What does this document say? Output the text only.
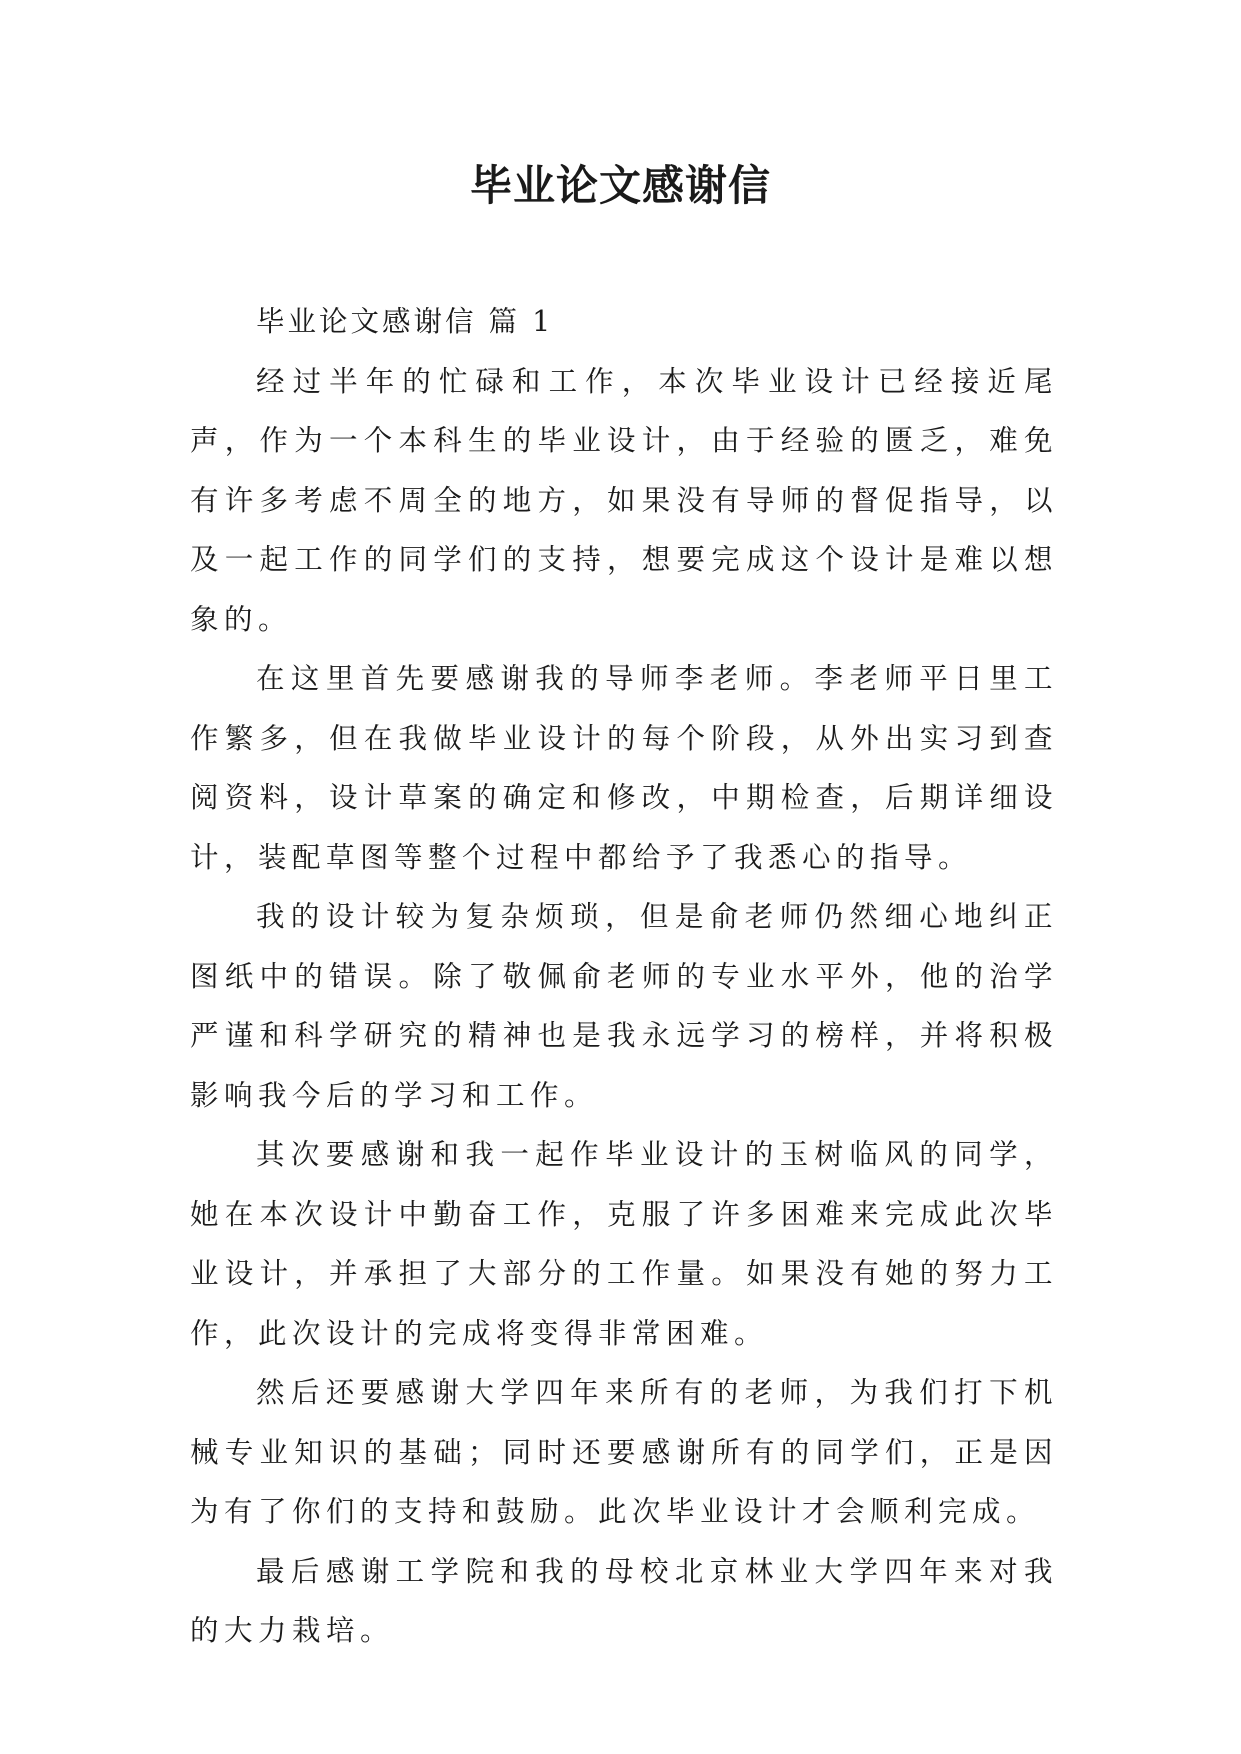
毕业论文感谢信

毕业论文感谢信 篇 1

经过半年的忙碌和工作，本次毕业设计已经接近尾声，作为一个本科生的毕业设计，由于经验的匮乏，难免有许多考虑不周全的地方，如果没有导师的督促指导，以及一起工作的同学们的支持，想要完成这个设计是难以想象的。

在这里首先要感谢我的导师李老师。李老师平日里工作繁多，但在我做毕业设计的每个阶段，从外出实习到查阅资料，设计草案的确定和修改，中期检查，后期详细设计，装配草图等整个过程中都给予了我悉心的指导。

我的设计较为复杂烦琐，但是俞老师仍然细心地纠正图纸中的错误。除了敬佩俞老师的专业水平外，他的治学严谨和科学研究的精神也是我永远学习的榜样，并将积极影响我今后的学习和工作。

其次要感谢和我一起作毕业设计的玉树临风的同学，她在本次设计中勤奋工作，克服了许多困难来完成此次毕业设计，并承担了大部分的工作量。如果没有她的努力工作，此次设计的完成将变得非常困难。

然后还要感谢大学四年来所有的老师，为我们打下机械专业知识的基础；同时还要感谢所有的同学们，正是因为有了你们的支持和鼓励。此次毕业设计才会顺利完成。

最后感谢工学院和我的母校北京林业大学四年来对我的大力栽培。
